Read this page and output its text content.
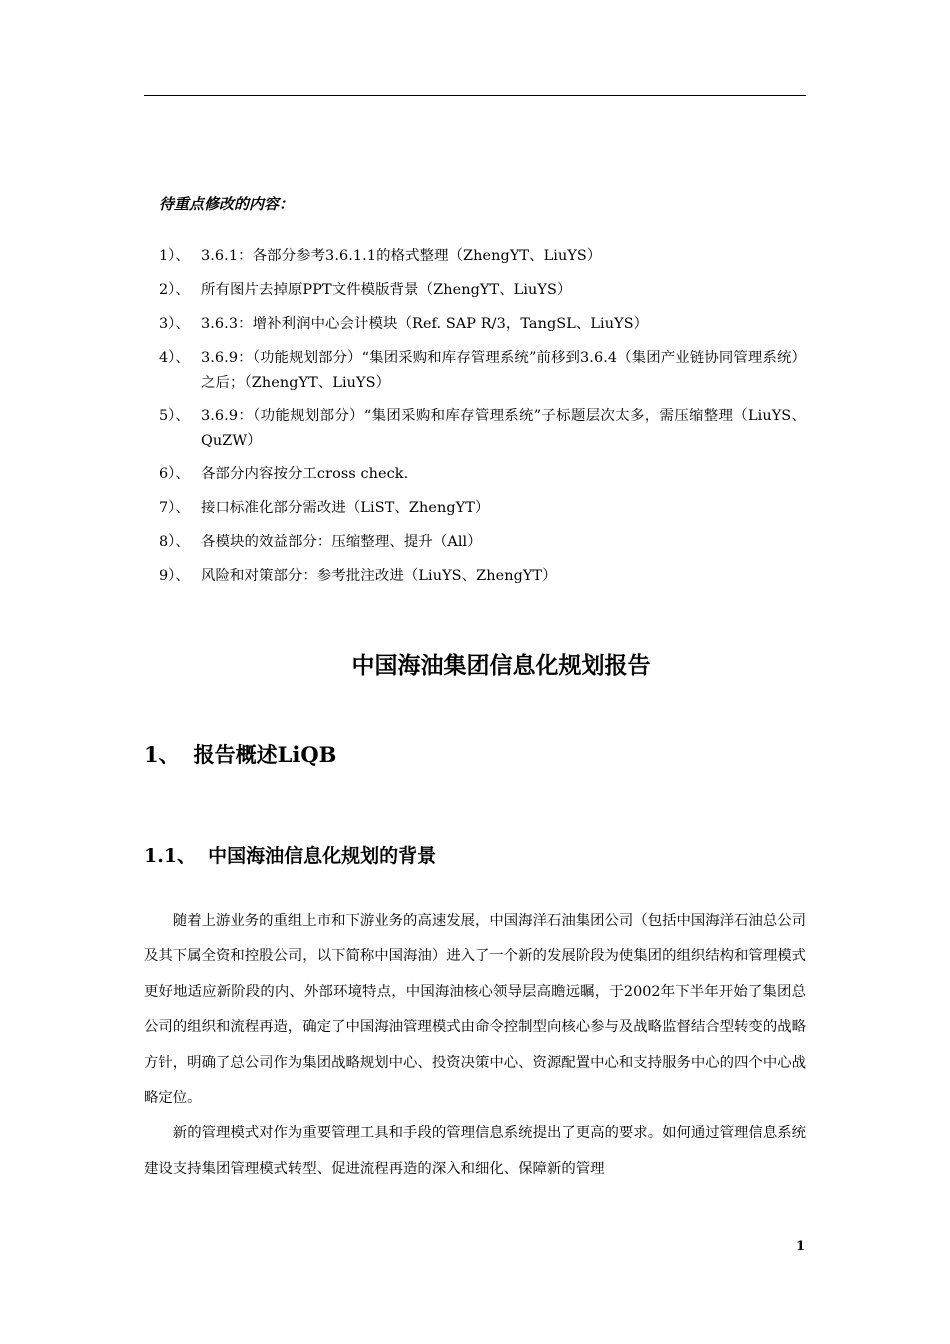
待重点修改的内容：
1）、 3.6.1：各部分参考3.6.1.1的格式整理（ZhengYT、LiuYS）
2）、 所有图片去掉原PPT文件模版背景（ZhengYT、LiuYS）
3）、 3.6.3：增补利润中心会计模块（Ref. SAP R/3，TangSL、LiuYS）
4）、 3.6.9：（功能规划部分）“集团采购和库存管理系统”前移到3.6.4（集团产业链协同管理系统）之后；（ZhengYT、LiuYS）
5）、 3.6.9：（功能规划部分）“集团采购和库存管理系统”子标题层次太多，需压缩整理（LiuYS、QuZW）
6）、 各部分内容按分工cross check.
7）、 接口标准化部分需改进（LiST、ZhengYT）
8）、 各模块的效益部分：压缩整理、提升（All）
9）、 风险和对策部分：参考批注改进（LiuYS、ZhengYT）
中国海油集团信息化规划报告
1、 报告概述LiQB
1.1、 中国海油信息化规划的背景

随着上游业务的重组上市和下游业务的高速发展，中国海洋石油集团公司（包括中国海洋石油总公司及其下属全资和控股公司，以下简称中国海油）进入了一个新的发展阶段为使集团的组织结构和管理模式更好地适应新阶段的内、外部环境特点，中国海油核心领导层高瞻远瞩，于2002年下半年开始了集团总公司的组织和流程再造，确定了中国海油管理模式由命令控制型向核心参与及战略监督结合型转变的战略方针，明确了总公司作为集团战略规划中心、投资决策中心、资源配置中心和支持服务中心的四个中心战略定位。

新的管理模式对作为重要管理工具和手段的管理信息系统提出了更高的要求。如何通过管理信息系统建设支持集团管理模式转型、促进流程再造的深入和细化、保障新的管理

1
